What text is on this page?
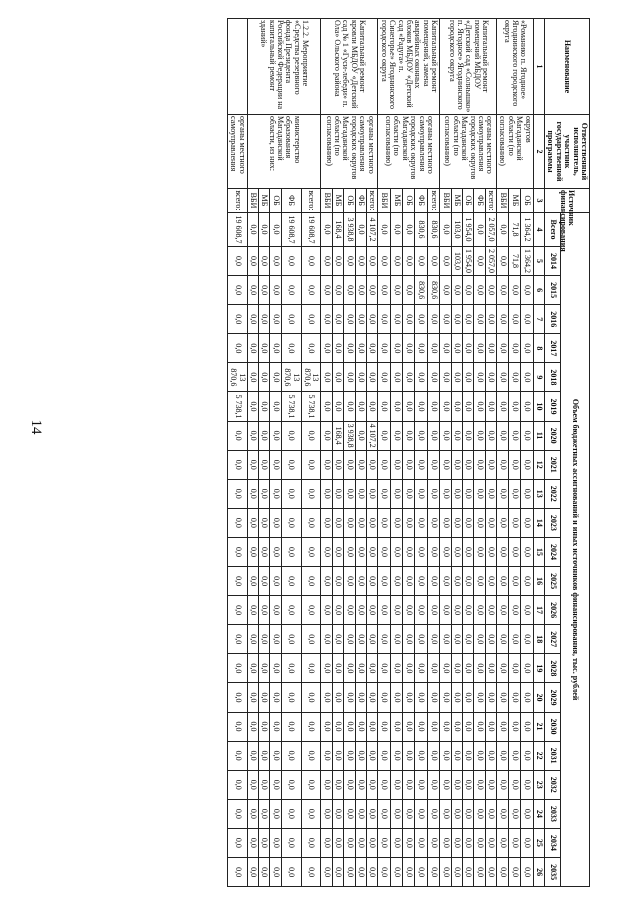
14
Наименование	Ответственный исполнитель, участник государственной программы	Источник финансирования	Объем бюджетных ассигнований и иных источников финансирования, тыс. рублей																						
			Всего	2014	2015	2016	2017	2018	2019	2020	2021	2022	2023	2024	2025	2026	2027	2028	2029	2030	2031	2032	2033	2034	2035
1	2	3	4	5	6	7	8	9	10	11	12	13	14	15	16	17	18	19	20	21	22	23	24	25	26
«Романико п. Ягодное» Ягоднинского городского округа	округов Магаданской области (по согласованию)	ОБ	1 364,2	1 364,2	0,0	0,0	0,0	0,0	0,0	0,0	0,0	0,0	0,0	0,0	0,0	0,0	0,0	0,0	0,0	0,0	0,0	0,0	0,0	0,0	0,0
		МБ	71,8	71,8	0,0	0,0	0,0	0,0	0,0	0,0	0,0	0,0	0,0	0,0	0,0	0,0	0,0	0,0	0,0	0,0	0,0	0,0	0,0	0,0	0,0
		ВБИ	0,0	0,0	0,0	0,0	0,0	0,0	0,0	0,0	0,0	0,0	0,0	0,0	0,0	0,0	0,0	0,0	0,0	0,0	0,0	0,0	0,0	0,0	0,0
Капитальный ремонт помещений МБДОУ «Детский сад «Солнышко» п. Ягодное» Ягоднинского городского округа	органы местного самоуправления городских округов Магаданской области (по согласованию)	всего:	2 057,0	2 057,0	0,0	0,0	0,0	0,0	0,0	0,0	0,0	0,0	0,0	0,0	0,0	0,0	0,0	0,0	0,0	0,0	0,0	0,0	0,0	0,0	0,0
		ФБ	0,0	0,0	0,0	0,0	0,0	0,0	0,0	0,0	0,0	0,0	0,0	0,0	0,0	0,0	0,0	0,0	0,0	0,0	0,0	0,0	0,0	0,0	0,0
		ОБ	1 954,0	1 954,0	0,0	0,0	0,0	0,0	0,0	0,0	0,0	0,0	0,0	0,0	0,0	0,0	0,0	0,0	0,0	0,0	0,0	0,0	0,0	0,0	0,0
		МБ	103,0	103,0	0,0	0,0	0,0	0,0	0,0	0,0	0,0	0,0	0,0	0,0	0,0	0,0	0,0	0,0	0,0	0,0	0,0	0,0	0,0	0,0	0,0
		ВБИ	0,0	0,0	0,0	0,0	0,0	0,0	0,0	0,0	0,0	0,0	0,0	0,0	0,0	0,0	0,0	0,0	0,0	0,0	0,0	0,0	0,0	0,0	0,0
Капитальный ремонт помещений, замена аварийных оконных блоков МБДОУ «Детский сад «Радуга» п. Синегорье» Ягоднинского городского округа	органы местного самоуправления городских округов Магаданской области (по согласованию)	всего:	830,6	0,0	830,6	0,0	0,0	0,0	0,0	0,0	0,0	0,0	0,0	0,0	0,0	0,0	0,0	0,0	0,0	0,0	0,0	0,0	0,0	0,0	0,0
		ФБ	830,6	0,0	830,6	0,0	0,0	0,0	0,0	0,0	0,0	0,0	0,0	0,0	0,0	0,0	0,0	0,0	0,0	0,0	0,0	0,0	0,0	0,0	0,0
		ОБ	0,0	0,0	0,0	0,0	0,0	0,0	0,0	0,0	0,0	0,0	0,0	0,0	0,0	0,0	0,0	0,0	0,0	0,0	0,0	0,0	0,0	0,0	0,0
		МБ	0,0	0,0	0,0	0,0	0,0	0,0	0,0	0,0	0,0	0,0	0,0	0,0	0,0	0,0	0,0	0,0	0,0	0,0	0,0	0,0	0,0	0,0	0,0
		ВБИ	0,0	0,0	0,0	0,0	0,0	0,0	0,0	0,0	0,0	0,0	0,0	0,0	0,0	0,0	0,0	0,0	0,0	0,0	0,0	0,0	0,0	0,0	0,0
Капитальный ремонт кровли МБДОУ «Детский сад № 1 «Гуси-лебеди» п. Ола» Ольского района	органы местного самоуправления городских округов Магаданской области (по согласованию)	всего:	4 107,2	0,0	0,0	0,0	0,0	0,0	0,0	4 107,2	0,0	0,0	0,0	0,0	0,0	0,0	0,0	0,0	0,0	0,0	0,0	0,0	0,0	0,0	0,0
		ФБ	0,0	0,0	0,0	0,0	0,0	0,0	0,0	0,0	0,0	0,0	0,0	0,0	0,0	0,0	0,0	0,0	0,0	0,0	0,0	0,0	0,0	0,0	0,0
		ОБ	3 938,8	0,0	0,0	0,0	0,0	0,0	0,0	3 938,8	0,0	0,0	0,0	0,0	0,0	0,0	0,0	0,0	0,0	0,0	0,0	0,0	0,0	0,0	0,0
		МБ	168,4	0,0	0,0	0,0	0,0	0,0	0,0	168,4	0,0	0,0	0,0	0,0	0,0	0,0	0,0	0,0	0,0	0,0	0,0	0,0	0,0	0,0	0,0
		ВБИ	0,0	0,0	0,0	0,0	0,0	0,0	0,0	0,0	0,0	0,0	0,0	0,0	0,0	0,0	0,0	0,0	0,0	0,0	0,0	0,0	0,0	0,0	0,0
1.2.2. Мероприятие «Средства резервного фонда Президента Российской Федерации на капитальный ремонт зданий»	министерство образования Магаданской области, из них:	всего:	19 608,7	0,0	0,0	0,0	0,0	13 870,6	5 738,1	0,0	0,0	0,0	0,0	0,0	0,0	0,0	0,0	0,0	0,0	0,0	0,0	0,0	0,0	0,0	0,0
		ФБ	19 608,7	0,0	0,0	0,0	0,0	13 870,6	5 738,1	0,0	0,0	0,0	0,0	0,0	0,0	0,0	0,0	0,0	0,0	0,0	0,0	0,0	0,0	0,0	0,0
		ОБ	0,0	0,0	0,0	0,0	0,0	0,0	0,0	0,0	0,0	0,0	0,0	0,0	0,0	0,0	0,0	0,0	0,0	0,0	0,0	0,0	0,0	0,0	0,0
		МБ	0,0	0,0	0,0	0,0	0,0	0,0	0,0	0,0	0,0	0,0	0,0	0,0	0,0	0,0	0,0	0,0	0,0	0,0	0,0	0,0	0,0	0,0	0,0
		ВБИ	0,0	0,0	0,0	0,0	0,0	0,0	0,0	0,0	0,0	0,0	0,0	0,0	0,0	0,0	0,0	0,0	0,0	0,0	0,0	0,0	0,0	0,0	0,0
	органы местного самоуправления	всего:	19 608,7	0,0	0,0	0,0	0,0	13 870,6	5 738,1	0,0	0,0	0,0	0,0	0,0	0,0	0,0	0,0	0,0	0,0	0,0	0,0	0,0	0,0	0,0	0,0
